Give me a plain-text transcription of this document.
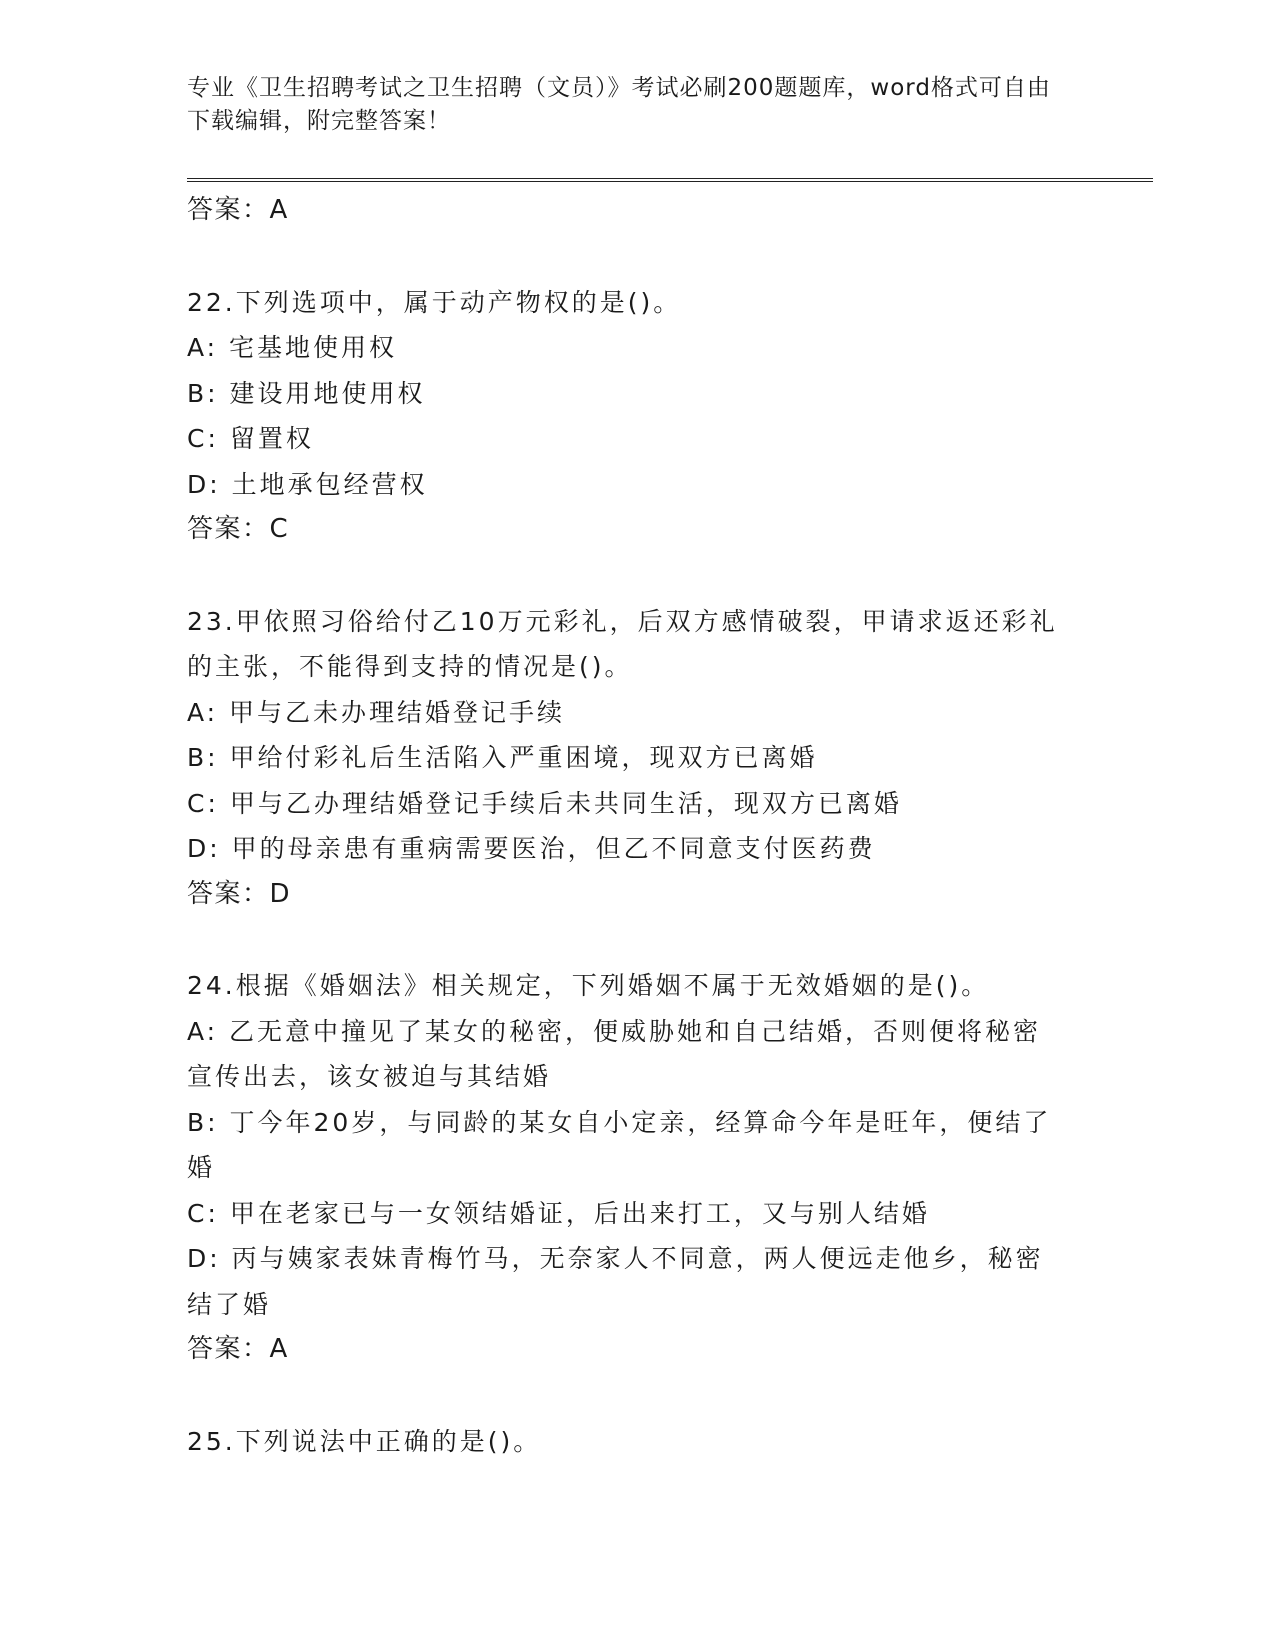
专业《卫生招聘考试之卫生招聘（文员）》考试必刷200题题库，word格式可自由下载编辑，附完整答案！
答案：A
22.下列选项中，属于动产物权的是()。
A: 宅基地使用权
B: 建设用地使用权
C: 留置权
D: 土地承包经营权
答案：C
23.甲依照习俗给付乙10万元彩礼，后双方感情破裂，甲请求返还彩礼的主张，不能得到支持的情况是()。
A: 甲与乙未办理结婚登记手续
B: 甲给付彩礼后生活陷入严重困境，现双方已离婚
C: 甲与乙办理结婚登记手续后未共同生活，现双方已离婚
D: 甲的母亲患有重病需要医治，但乙不同意支付医药费
答案：D
24.根据《婚姻法》相关规定，下列婚姻不属于无效婚姻的是()。
A: 乙无意中撞见了某女的秘密，便威胁她和自己结婚，否则便将秘密宣传出去，该女被迫与其结婚
B: 丁今年20岁，与同龄的某女自小定亲，经算命今年是旺年，便结了婚
C: 甲在老家已与一女领结婚证，后出来打工，又与别人结婚
D: 丙与姨家表妹青梅竹马，无奈家人不同意，两人便远走他乡，秘密结了婚
答案：A
25.下列说法中正确的是()。
